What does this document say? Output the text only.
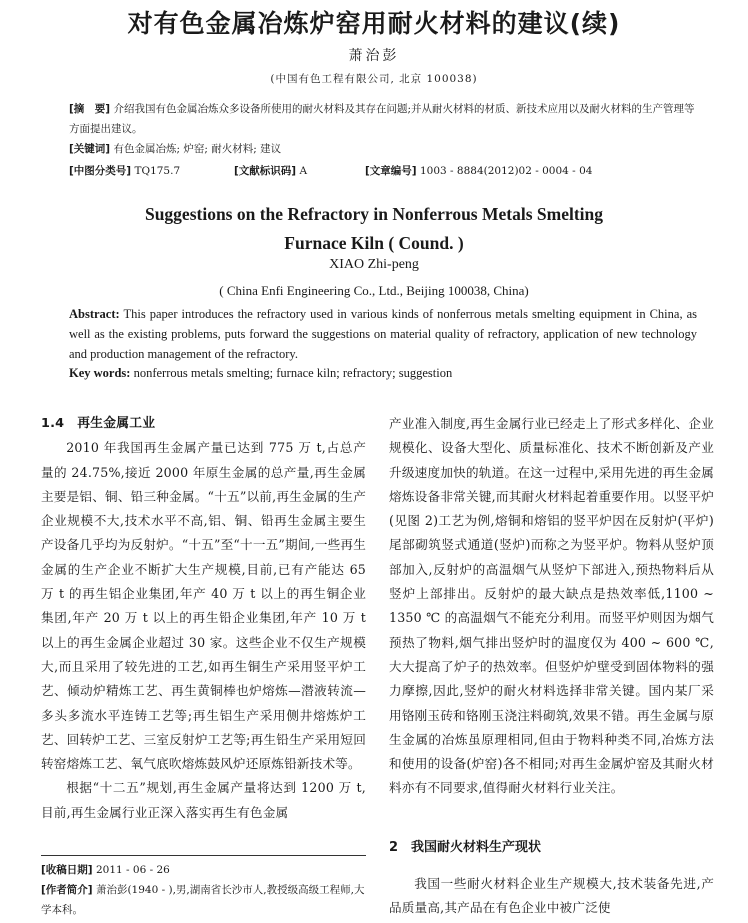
对有色金属冶炼炉窑用耐火材料的建议(续)
萧治彭
(中国有色工程有限公司, 北京 100038)

[摘　要] 介绍我国有色金属冶炼众多设备所使用的耐火材料及其存在问题;并从耐火材料的材质、新技术应用以及耐火材料的生产管理等方面提出建议。

[关键词] 有色金属冶炼; 炉窑; 耐火材料; 建议

[中图分类号] TQ175.7	[文献标识码] A	[文章编号] 1003 - 8884(2012)02 - 0004 - 04
Suggestions on the Refractory in Nonferrous Metals Smelting
Furnace Kiln ( Cound. )
XIAO Zhi-peng
( China Enfi Engineering Co., Ltd., Beijing 100038, China)
Abstract: This paper introduces the refractory used in various kinds of nonferrous metals smelting equipment in China, as well as the existing problems, puts forward the suggestions on material quality of refractory, application of new technology and production management of the refractory.
Key words: nonferrous metals smelting; furnace kiln; refractory; suggestion

1.4　再生金属工业

2010 年我国再生金属产量已达到 775 万 t,占总产量的 24.75%,接近 2000 年原生金属的总产量,再生金属主要是铝、铜、铅三种金属。“十五”以前,再生金属的生产企业规模不大,技术水平不高,铝、铜、铅再生金属主要生产设备几乎均为反射炉。“十五”至“十一五”期间,一些再生金属的生产企业不断扩大生产规模,目前,已有产能达 65 万 t 的再生铝企业集团,年产 40 万 t 以上的再生铜企业集团,年产 20 万 t 以上的再生铅企业集团,年产 10 万 t 以上的再生金属企业超过 30 家。这些企业不仅生产规模大,而且采用了较先进的工艺,如再生铜生产采用竖平炉工艺、倾动炉精炼工艺、再生黄铜棒也炉熔炼—潜液转流—多头多流水平连铸工艺等;再生铝生产采用侧井熔炼炉工艺、回转炉工艺、三室反射炉工艺等;再生铅生产采用短回转窑熔炼工艺、氧气底吹熔炼鼓风炉还原炼铅新技术等。

根据“十二五”规划,再生金属产量将达到 1200 万 t,目前,再生金属行业正深入落实再生有色金属

产业准入制度,再生金属行业已经走上了形式多样化、企业规模化、设备大型化、质量标准化、技术不断创新及产业升级速度加快的轨道。在这一过程中,采用先进的再生金属熔炼设备非常关键,而其耐火材料起着重要作用。以竖平炉(见图 2)工艺为例,熔铜和熔铝的竖平炉因在反射炉(平炉)尾部砌筑竖式通道(竖炉)而称之为竖平炉。物料从竖炉顶部加入,反射炉的高温烟气从竖炉下部进入,预热物料后从竖炉上部排出。反射炉的最大缺点是热效率低,1100 ~ 1350 ℃ 的高温烟气不能充分利用。而竖平炉则因为烟气预热了物料,烟气排出竖炉时的温度仅为 400 ~ 600 ℃,大大提高了炉子的热效率。但竖炉炉壁受到固体物料的强力摩擦,因此,竖炉的耐火材料选择非常关键。国内某厂采用铬刚玉砖和铬刚玉浇注料砌筑,效果不错。再生金属与原生金属的冶炼虽原理相同,但由于物料种类不同,冶炼方法和使用的设备(炉窑)各不相同;对再生金属炉窑及其耐火材料亦有不同要求,值得耐火材料行业关注。

2　我国耐火材料生产现状

我国一些耐火材料企业生产规模大,技术装备先进,产品质量高,其产品在有色企业中被广泛使

[收稿日期] 2011 - 06 - 26

[作者简介] 萧治彭(1940 - ),男,湖南省长沙市人,教授级高级工程师,大学本科。
